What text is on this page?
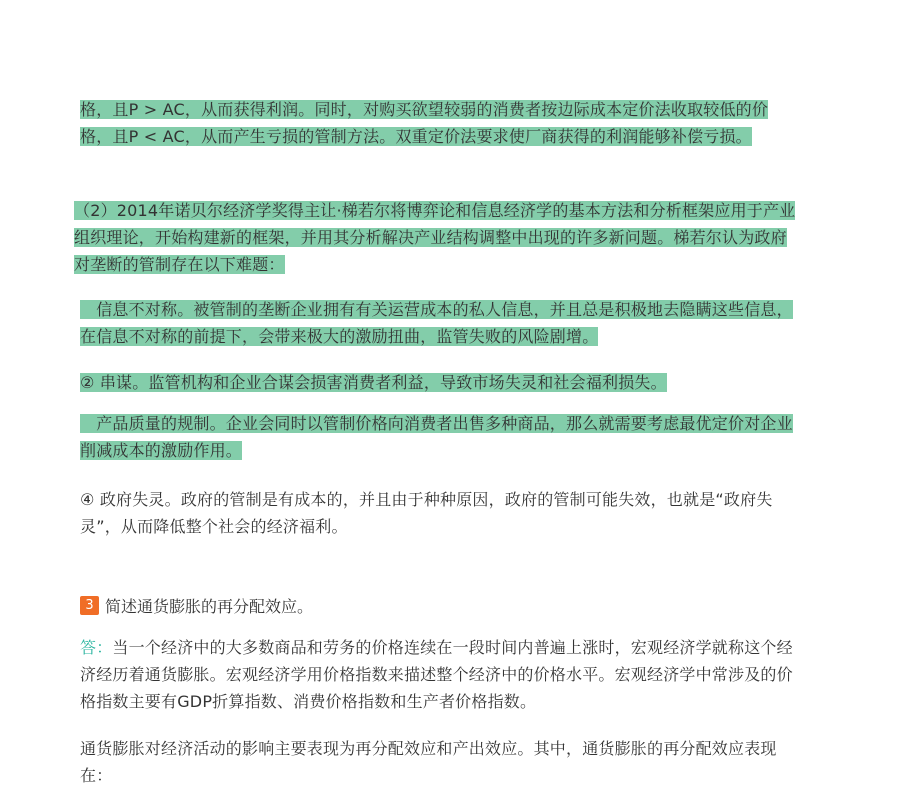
格，且P > AC，从而获得利润。同时，对购买欲望较弱的消费者按边际成本定价法收取较低的价格，且P < AC，从而产生亏损的管制方法。双重定价法要求使厂商获得的利润能够补偿亏损。

（2）2014年诺贝尔经济学奖得主让·梯若尔将博弈论和信息经济学的基本方法和分析框架应用于产业组织理论，开始构建新的框架，并用其分析解决产业结构调整中出现的许多新问题。梯若尔认为政府对垄断的管制存在以下难题：

　信息不对称。被管制的垄断企业拥有有关运营成本的私人信息，并且总是积极地去隐瞒这些信息，在信息不对称的前提下，会带来极大的激励扭曲，监管失败的风险剧增。

② 串谋。监管机构和企业合谋会损害消费者利益，导致市场失灵和社会福利损失。

　产品质量的规制。企业会同时以管制价格向消费者出售多种商品，那么就需要考虑最优定价对企业削减成本的激励作用。

④ 政府失灵。政府的管制是有成本的，并且由于种种原因，政府的管制可能失效，也就是“政府失灵”，从而降低整个社会的经济福利。

3 简述通货膨胀的再分配效应。

答：当一个经济中的大多数商品和劳务的价格连续在一段时间内普遍上涨时，宏观经济学就称这个经济经历着通货膨胀。宏观经济学用价格指数来描述整个经济中的价格水平。宏观经济学中常涉及的价格指数主要有GDP折算指数、消费价格指数和生产者价格指数。

通货膨胀对经济活动的影响主要表现为再分配效应和产出效应。其中，通货膨胀的再分配效应表现在：
